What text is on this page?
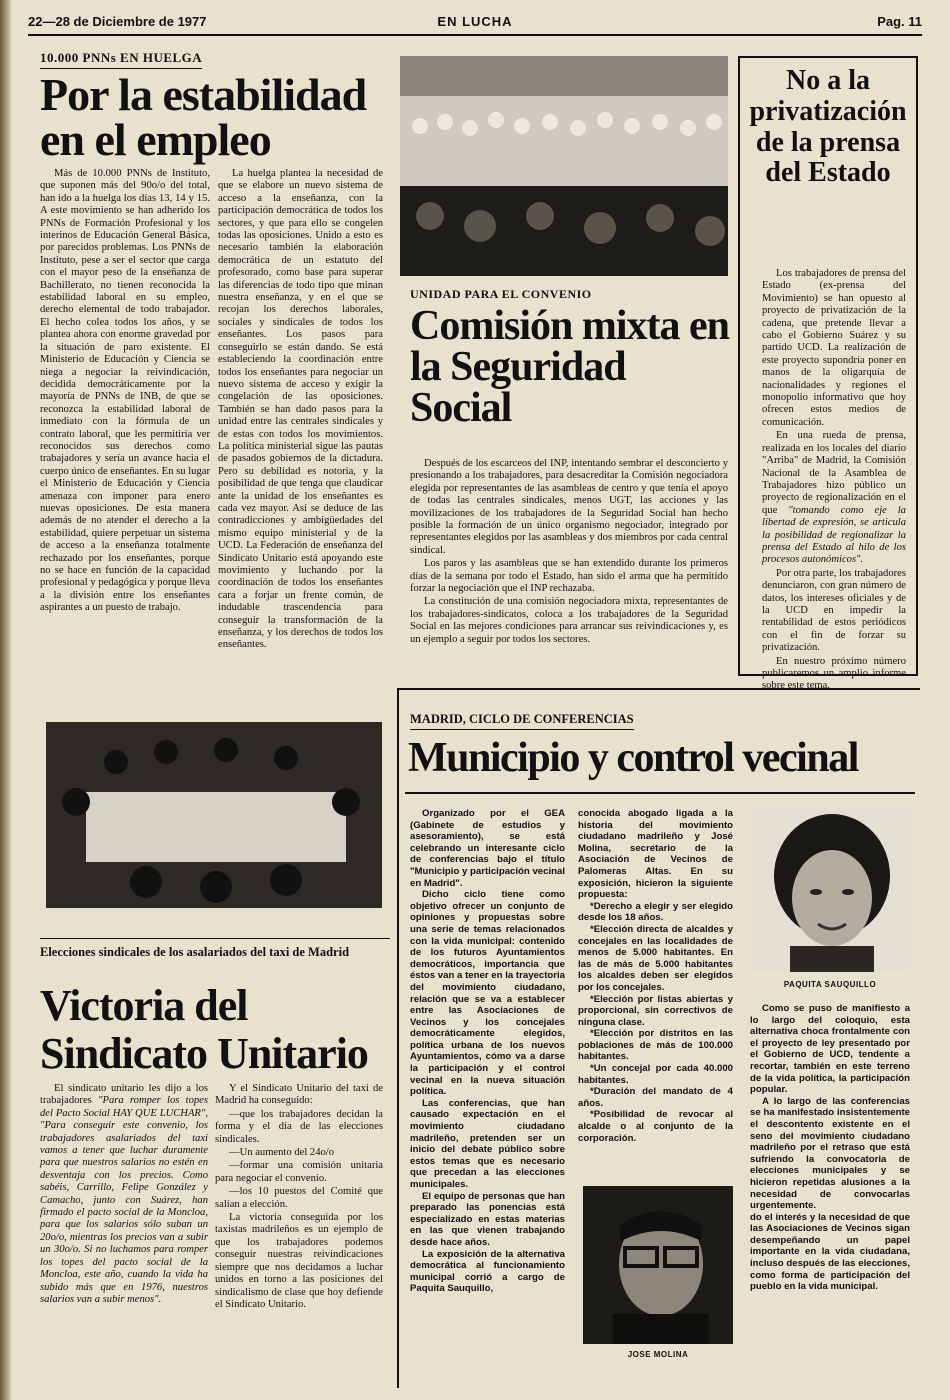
22—28 de Diciembre de 1977	EN LUCHA	Pag. 11
10.000 PNNs EN HUELGA
Por la estabilidad en el empleo

Más de 10.000 PNNs de Instituto, que suponen más del 90o/o del total, han ido a la huelga los días 13, 14 y 15. A este movimiento se han adherido los PNNs de Formación Profesional y los interinos de Educación General Básica, por parecidos problemas. Los PNNs de Instituto, pese a ser el sector que carga con el mayor peso de la enseñanza de Bachillerato, no tienen reconocida la estabilidad laboral en su empleo, derecho elemental de todo trabajador. El hecho colea todos los años, y se plantea ahora con enorme gravedad por la situación de paro existente. El Ministerio de Educación y Ciencia se niega a negociar la reivindicación, decidida democráticamente por la mayoría de PNNs de INB, de que se reconozca la estabilidad laboral de inmediato con la fórmula de un contrato laboral, que les permitiría ver reconocidos sus derechos como trabajadores y sería un avance hacia el cuerpo único de enseñantes. En su lugar el Ministerio de Educación y Ciencia amenaza con imponer para enero nuevas oposiciones. De esta manera además de no atender el derecho a la estabilidad, quiere perpetuar un sistema de acceso a la enseñanza totalmente rechazado por los enseñantes, porque no se hace en función de la capacidad profesional y pedagógica y porque lleva a la división entre los enseñantes aspirantes a un puesto de trabajo.

La huelga plantea la necesidad de que se elabore un nuevo sistema de acceso a la enseñanza, con la participación democrática de todos los sectores, y que para ello se congelen todas las oposiciones. Unido a esto es necesario también la elaboración democrática de un estatuto del profesorado, como base para superar las diferencias de todo tipo que minan nuestra enseñanza, y en el que se recojan los derechos laborales, sociales y sindicales de todos los enseñantes. Los pasos para conseguirlo se están dando. Se está estableciendo la coordinación entre todos los enseñantes para negociar un nuevo sistema de acceso y exigir la congelación de las oposiciones. También se han dado pasos para la unidad entre las centrales sindicales y de estas con todos los movimientos. La política ministerial sigue las pautas de pasados gobiernos de la dictadura. Pero su debilidad es notoria, y la posibilidad de que tenga que claudicar ante la unidad de los enseñantes es cada vez mayor. Así se deduce de las contradicciones y ambigüedades del mismo equipo ministerial y de la UCD. La Federación de enseñanza del Sindicato Unitario está apoyando este movimiento y luchando por la coordinación de todos los enseñantes cara a forjar un frente común, de indudable trascendencia para conseguir la transformación de la enseñanza, y los derechos de todos los enseñantes.

UNIDAD PARA EL CONVENIO
Comisión mixta en la Seguridad Social

Después de los escarceos del INP, intentando sembrar el desconcierto y presionando a los trabajadores, para desacreditar la Comisión negociadora elegida por representantes de las asambleas de centro y que tenía el apoyo de todas las centrales sindicales, menos UGT, las acciones y las movilizaciones de los trabajadores de la Seguridad Social han hecho posible la formación de un único organismo negociador, integrado por representantes elegidos por las asambleas y dos miembros por cada central sindical.

Los paros y las asambleas que se han extendido durante los primeros días de la semana por todo el Estado, han sido el arma que ha permitido forzar la negociación que el INP rechazaba.

La constitución de una comisión negociadora mixta, representantes de los trabajadores-sindicatos, coloca a los trabajadores de la Seguridad Social en las mejores condiciones para arrancar sus reivindicaciones y, es un ejemplo a seguir por todos los sectores.

No a la privatización de la prensa del Estado

Los trabajadores de prensa del Estado (ex-prensa del Movimiento) se han opuesto al proyecto de privatización de la cadena, que pretende llevar a cabo el Gobierno Suárez y su partido UCD. La realización de este proyecto supondría poner en manos de la oligarquía de nacionalidades y regiones el monopolio informativo que hoy ofrecen estos medios de comunicación.

En una rueda de prensa, realizada en los locales del diario "Arriba" de Madrid, la Comisión Nacional de la Asamblea de Trabajadores hizo público un proyecto de regionalización en el que "tomando como eje la libertad de expresión, se articula la posibilidad de regionalizar la prensa del Estado al hilo de los procesos autonómicos".

Por otra parte, los trabajadores denunciaron, con gran número de datos, los intereses oficiales y de la UCD en impedir la rentabilidad de estos periódicos con el fin de forzar su privatización.

En nuestro próximo número publicaremos un amplio informe sobre este tema.

Elecciones sindicales de los asalariados del taxi de Madrid
Victoria del Sindicato Unitario

El sindicato unitario les dijo a los trabajadores "Para romper los topes del Pacto Social HAY QUE LUCHAR", "Para conseguir este convenio, los trabajadores asalariados del taxi vamos a tener que luchar duramente para que nuestros salarios no estén en desventaja con los precios. Como sabéis, Carrillo, Felipe González y Camacho, junto con Suárez, han firmado el pacto social de la Moncloa, para que los salarios sólo suban un 20o/o, mientras los precios van a subir un 30o/o. Si no luchamos para romper los topes del pacto social de la Moncloa, este año, cuando la vida ha subido más que en 1976, nuestros salarios van a subir menos".

Y el Sindicato Unitario del taxi de Madrid ha conseguido:

—que los trabajadores decidan la forma y el día de las elecciones sindicales.

—Un aumento del 24o/o

—formar una comisión unitaria para negociar el convenio.

—los 10 puestos del Comité que salían a elección.

La victoria conseguida por los taxistas madrileños es un ejemplo de que los trabajadores podemos conseguir nuestras reivindicaciones siempre que nos decidamos a luchar unidos en torno a las posiciones del sindicalismo de clase que hoy defiende el Sindicato Unitario.

MADRID, CICLO DE CONFERENCIAS
Municipio y control vecinal

Organizado por el GEA (Gabinete de estudios y asesoramiento), se está celebrando un interesante ciclo de conferencias bajo el título "Municipio y participación vecinal en Madrid".

Dicho ciclo tiene como objetivo ofrecer un conjunto de opiniones y propuestas sobre una serie de temas relacionados con la vida municipal: contenido de los futuros Ayuntamientos democráticos, importancia que éstos van a tener en la trayectoria del movimiento ciudadano, relación que se va a establecer entre las Asociaciones de Vecinos y los concejales democráticamente elegidos, política urbana de los nuevos Ayuntamientos, cómo va a darse la participación y el control vecinal en la nueva situación política.

Las conferencias, que han causado expectación en el movimiento ciudadano madrileño, pretenden ser un inicio del debate público sobre estos temas que es necesario que precedan a las elecciones municipales.

El equipo de personas que han preparado las ponencias está especializado en estas materias en las que vienen trabajando desde hace años.

La exposición de la alternativa democrática al funcionamiento municipal corrió a cargo de Paquita Sauquillo,

conocida abogado ligada a la historia del movimiento ciudadano madrileño y José Molina, secretario de la Asociación de Vecinos de Palomeras Altas. En su exposición, hicieron la siguiente propuesta:

*Derecho a elegir y ser elegido desde los 18 años.

*Elección directa de alcaldes y concejales en las localidades de menos de 5.000 habitantes. En las de más de 5.000 habitantes los alcaldes deben ser elegidos por los concejales.

*Elección por listas abiertas y proporcional, sin correctivos de ninguna clase.

*Elección por distritos en las poblaciones de más de 100.000 habitantes.

*Un concejal por cada 40.000 habitantes.

*Duración del mandato de 4 años.

*Posibilidad de revocar al alcalde o al conjunto de la corporación.

JOSE MOLINA
PAQUITA SAUQUILLO

Como se puso de manifiesto a lo largo del coloquio, esta alternativa choca frontalmente con el proyecto de ley presentado por el Gobierno de UCD, tendente a recortar, también en este terreno de la vida política, la participación popular.

A lo largo de las conferencias se ha manifestado insistentemente el descontento existente en el seno del movimiento ciudadano madrileño por el retraso que está sufriendo la convocatoria de elecciones municipales y se hicieron repetidas alusiones a la necesidad de convocarlas urgentemente.

do el interés y la necesidad de que las Asociaciones de Vecinos sigan desempeñando un papel importante en la vida ciudadana, incluso después de las elecciones, como forma de participación del pueblo en la vida municipal.
